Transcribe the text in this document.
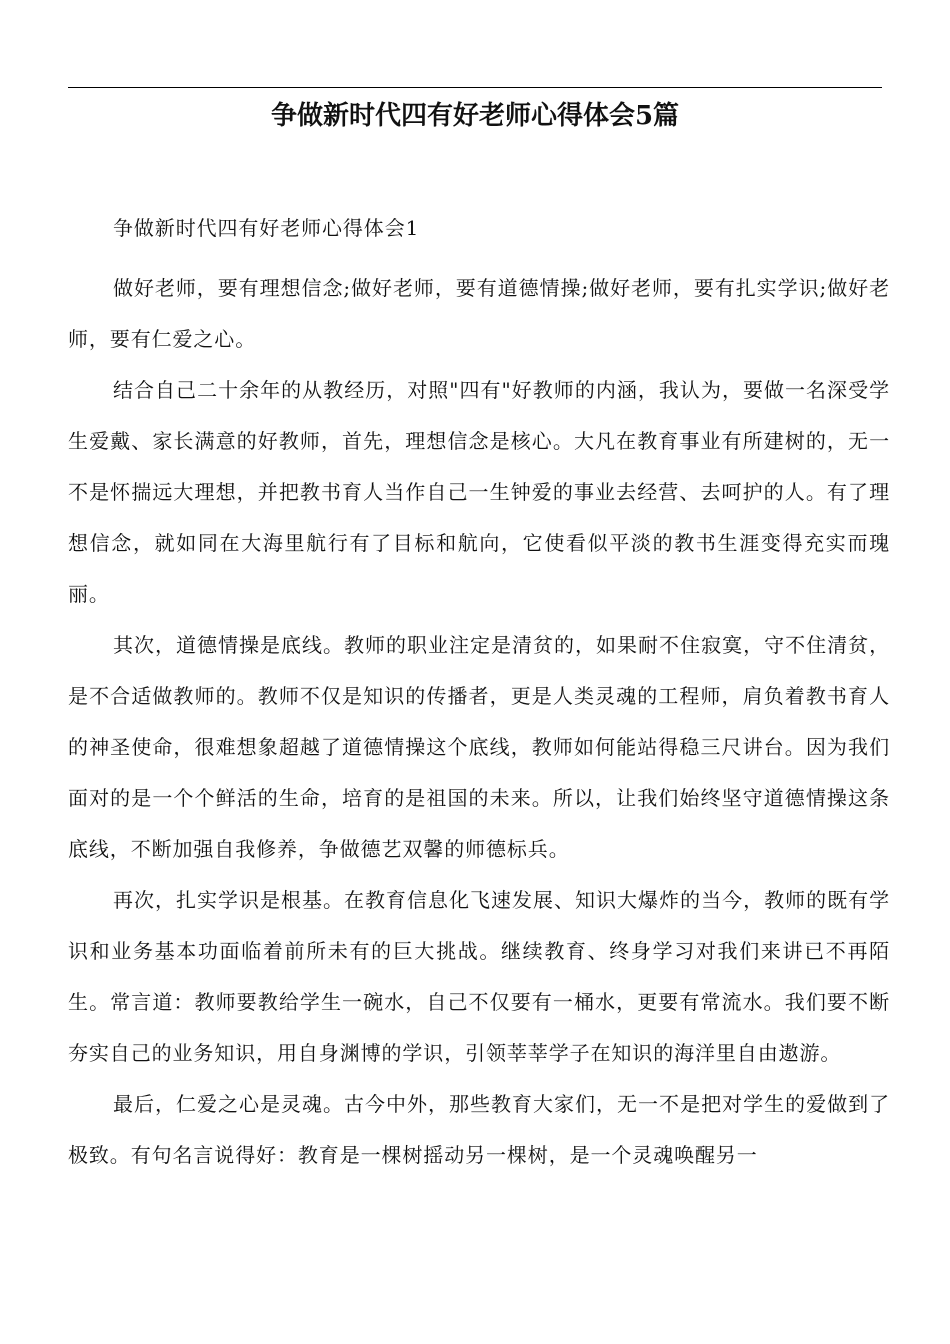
争做新时代四有好老师心得体会5篇

争做新时代四有好老师心得体会1

做好老师，要有理想信念;做好老师，要有道德情操;做好老师，要有扎实学识;做好老师，要有仁爱之心。

结合自己二十余年的从教经历，对照"四有"好教师的内涵，我认为，要做一名深受学生爱戴、家长满意的好教师，首先，理想信念是核心。大凡在教育事业有所建树的，无一不是怀揣远大理想，并把教书育人当作自己一生钟爱的事业去经营、去呵护的人。有了理想信念，就如同在大海里航行有了目标和航向，它使看似平淡的教书生涯变得充实而瑰丽。

其次，道德情操是底线。教师的职业注定是清贫的，如果耐不住寂寞，守不住清贫，是不合适做教师的。教师不仅是知识的传播者，更是人类灵魂的工程师，肩负着教书育人的神圣使命，很难想象超越了道德情操这个底线，教师如何能站得稳三尺讲台。因为我们面对的是一个个鲜活的生命，培育的是祖国的未来。所以，让我们始终坚守道德情操这条底线，不断加强自我修养，争做德艺双馨的师德标兵。

再次，扎实学识是根基。在教育信息化飞速发展、知识大爆炸的当今，教师的既有学识和业务基本功面临着前所未有的巨大挑战。继续教育、终身学习对我们来讲已不再陌生。常言道：教师要教给学生一碗水，自己不仅要有一桶水，更要有常流水。我们要不断夯实自己的业务知识，用自身渊博的学识，引领莘莘学子在知识的海洋里自由遨游。

最后，仁爱之心是灵魂。古今中外，那些教育大家们，无一不是把对学生的爱做到了极致。有句名言说得好：教育是一棵树摇动另一棵树，是一个灵魂唤醒另一
